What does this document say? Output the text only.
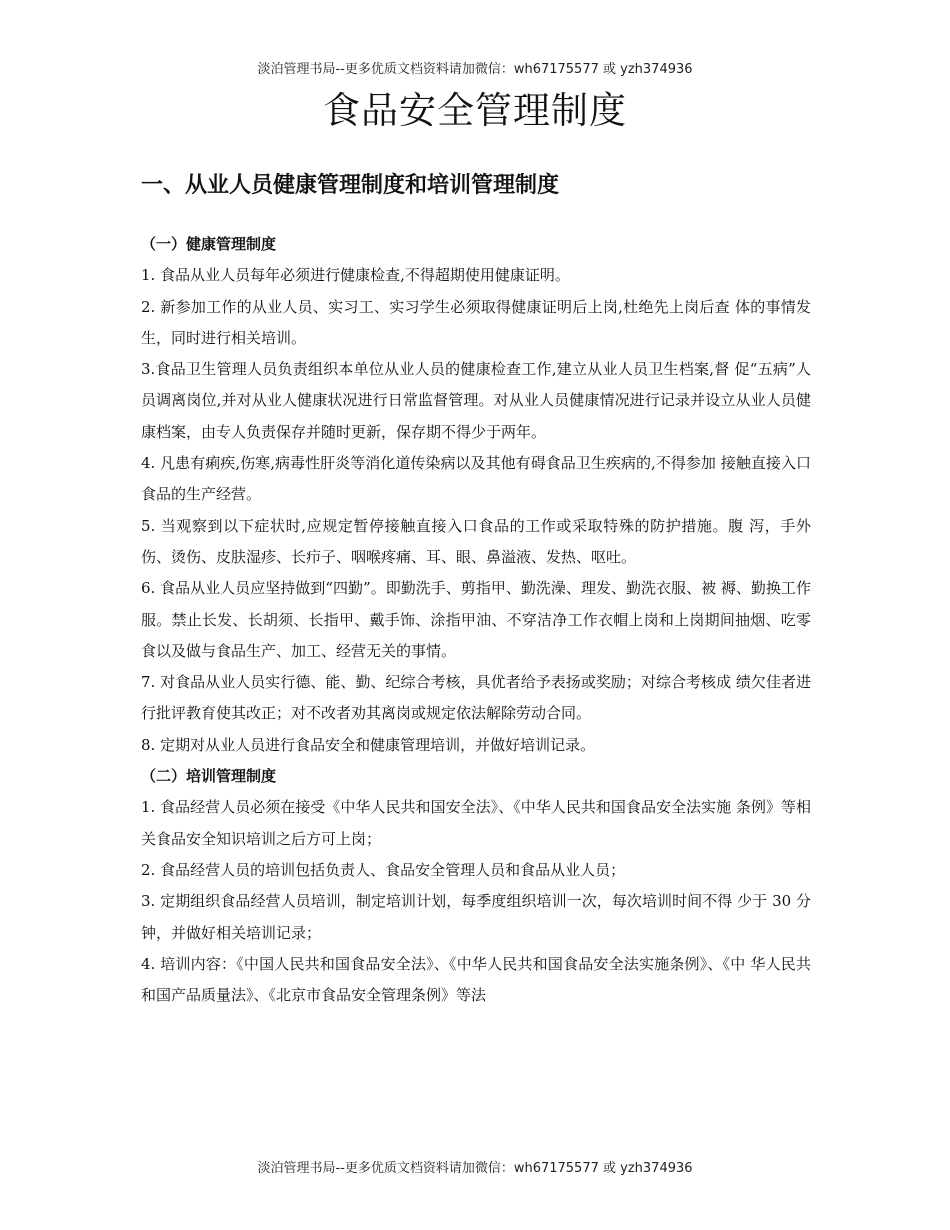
淡泊管理书局--更多优质文档资料请加微信：wh67175577 或 yzh374936
食品安全管理制度
一、从业人员健康管理制度和培训管理制度

（一）健康管理制度

1. 食品从业人员每年必须进行健康检查,不得超期使用健康证明。

2. 新参加工作的从业人员、实习工、实习学生必须取得健康证明后上岗,杜绝先上岗后查 体的事情发生，同时进行相关培训。

3.食品卫生管理人员负责组织本单位从业人员的健康检查工作,建立从业人员卫生档案,督 促“五病”人员调离岗位,并对从业人健康状况进行日常监督管理。对从业人员健康情况进行记录并设立从业人员健康档案，由专人负责保存并随时更新，保存期不得少于两年。

4. 凡患有痢疾,伤寒,病毒性肝炎等消化道传染病以及其他有碍食品卫生疾病的,不得参加 接触直接入口食品的生产经营。

5. 当观察到以下症状时,应规定暂停接触直接入口食品的工作或采取特殊的防护措施。腹 泻，手外伤、烫伤、皮肤湿疹、长疖子、咽喉疼痛、耳、眼、鼻溢液、发热、呕吐。

6. 食品从业人员应坚持做到“四勤”。即勤洗手、剪指甲、勤洗澡、理发、勤洗衣服、被 褥、勤换工作服。禁止长发、长胡须、长指甲、戴手饰、涂指甲油、不穿洁净工作衣帽上岗和上岗期间抽烟、吃零食以及做与食品生产、加工、经营无关的事情。

7. 对食品从业人员实行德、能、勤、纪综合考核，具优者给予表扬或奖励；对综合考核成 绩欠佳者进行批评教育使其改正；对不改者劝其离岗或规定依法解除劳动合同。

8. 定期对从业人员进行食品安全和健康管理培训，并做好培训记录。

（二）培训管理制度

1. 食品经营人员必须在接受《中华人民共和国安全法》、《中华人民共和国食品安全法实施 条例》等相关食品安全知识培训之后方可上岗；

2. 食品经营人员的培训包括负责人、食品安全管理人员和食品从业人员；

3. 定期组织食品经营人员培训，制定培训计划，每季度组织培训一次，每次培训时间不得 少于 30 分钟，并做好相关培训记录；

4. 培训内容：《中国人民共和国食品安全法》、《中华人民共和国食品安全法实施条例》、《中 华人民共和国产品质量法》、《北京市食品安全管理条例》等法

淡泊管理书局--更多优质文档资料请加微信：wh67175577 或 yzh374936
